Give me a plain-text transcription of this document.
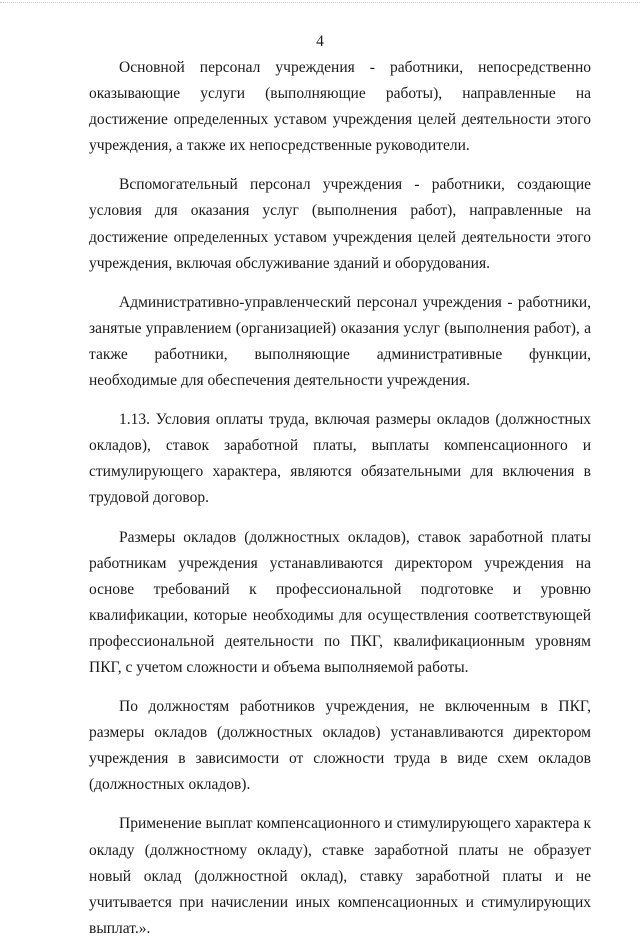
4

Основной персонал учреждения - работники, непосредственно оказывающие услуги (выполняющие работы), направленные на достижение определенных уставом учреждения целей деятельности этого учреждения, а также их непосредственные руководители.

Вспомогательный персонал учреждения - работники, создающие условия для оказания услуг (выполнения работ), направленные на достижение определенных уставом учреждения целей деятельности этого учреждения, включая обслуживание зданий и оборудования.

Административно-управленческий персонал учреждения - работники, занятые управлением (организацией) оказания услуг (выполнения работ), а также работники, выполняющие административные функции, необходимые для обеспечения деятельности учреждения.

1.13. Условия оплаты труда, включая размеры окладов (должностных окладов), ставок заработной платы, выплаты компенсационного и стимулирующего характера, являются обязательными для включения в трудовой договор.

Размеры окладов (должностных окладов), ставок заработной платы работникам учреждения устанавливаются директором учреждения на основе требований к профессиональной подготовке и уровню квалификации, которые необходимы для осуществления соответствующей профессиональной деятельности по ПКГ, квалификационным уровням ПКГ, с учетом сложности и объема выполняемой работы.

По должностям работников учреждения, не включенным в ПКГ, размеры окладов (должностных окладов) устанавливаются директором учреждения в зависимости от сложности труда в виде схем окладов (должностных окладов).

Применение выплат компенсационного и стимулирующего характера к окладу (должностному окладу), ставке заработной платы не образует новый оклад (должностной оклад), ставку заработной платы и не учитывается при начислении иных компенсационных и стимулирующих выплат.».
